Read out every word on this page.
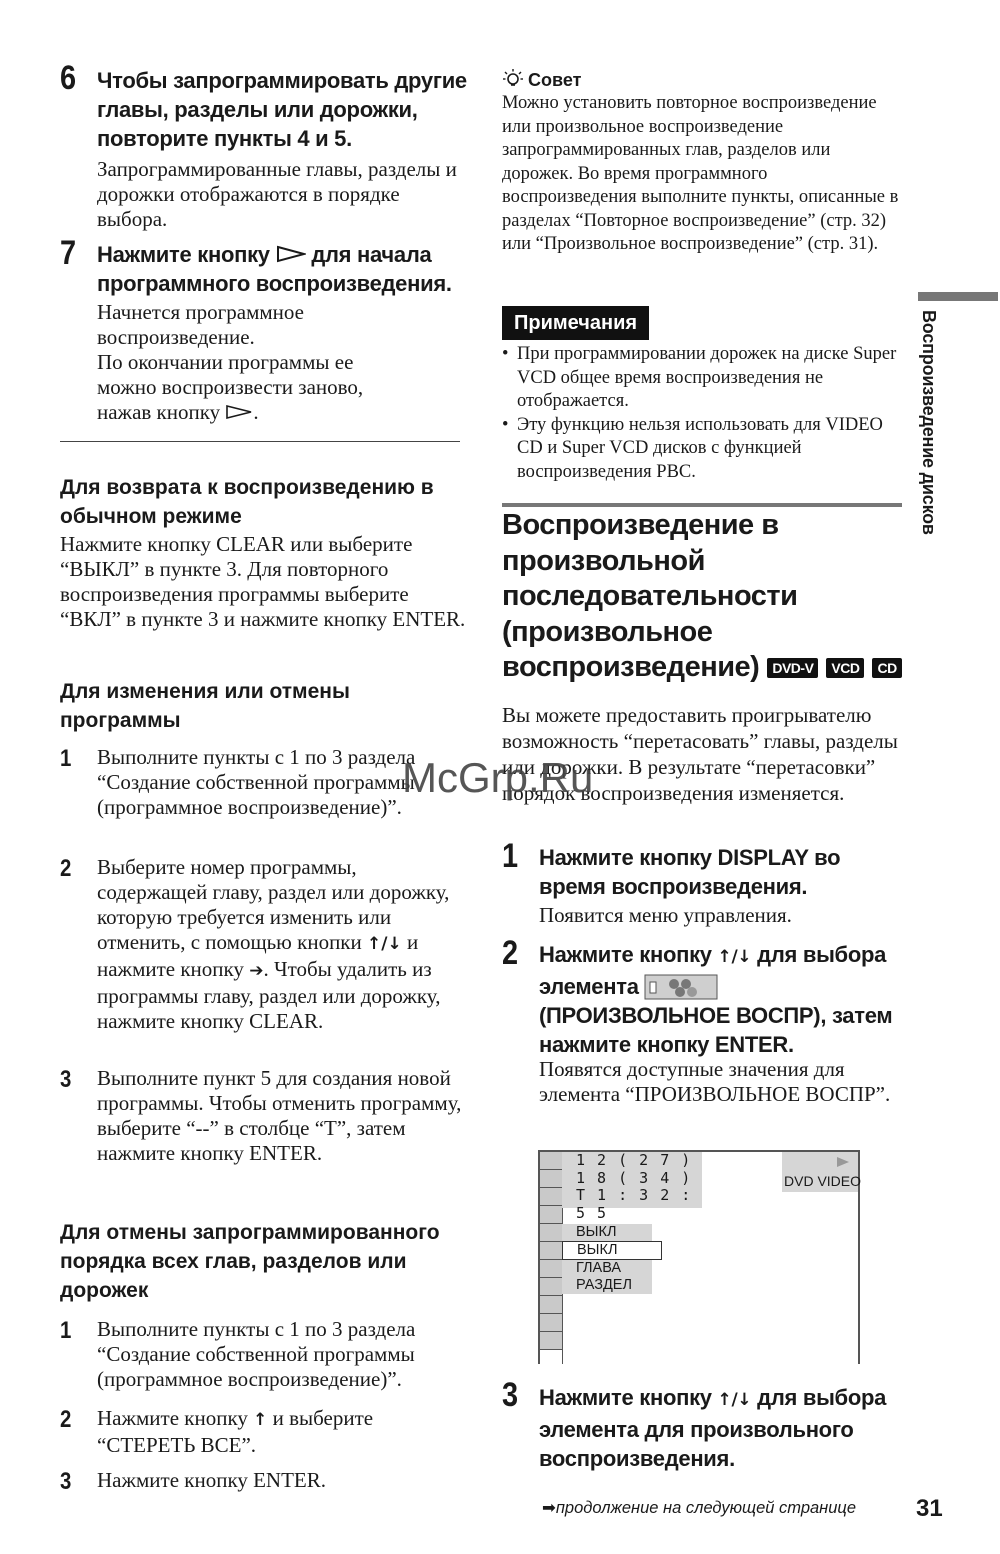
6 Чтобы запрограммировать другие главы, разделы или дорожки, повторите пункты 4 и 5.
Запрограммированные главы, разделы и дорожки отображаются в порядке выбора.
7 Нажмите кнопку для начала программного воспроизведения.
Начнется программное воспроизведение.
По окончании программы ее можно воспроизвести заново, нажав кнопку .
Для возврата к воспроизведению в обычном режиме
Нажмите кнопку CLEAR или выберите “ВЫКЛ” в пункте 3. Для повторного воспроизведения программы выберите “ВКЛ” в пункте 3 и нажмите кнопку ENTER.
Для изменения или отмены программы
1 Выполните пункты с 1 по 3 раздела “Создание собственной программы (программное воспроизведение)”.
2 Выберите номер программы, содержащей главу, раздел или дорожку, которую требуется изменить или отменить, с помощью кнопки ↑/↓ и нажмите кнопку ➔. Чтобы удалить из программы главу, раздел или дорожку, нажмите кнопку CLEAR.
3 Выполните пункт 5 для создания новой программы. Чтобы отменить программу, выберите “--” в столбце “T”, затем нажмите кнопку ENTER.
Для отмены запрограммированного порядка всех глав, разделов или дорожек
1 Выполните пункты с 1 по 3 раздела “Создание собственной программы (программное воспроизведение)”.
2 Нажмите кнопку ↑ и выберите “СТЕРЕТЬ ВСЕ”.
3 Нажмите кнопку ENTER.
Совет
Можно установить повторное воспроизведение или произвольное воспроизведение запрограммированных глав, разделов или дорожек. Во время программного воспроизведения выполните пункты, описанные в разделах “Повторное воспроизведение” (стр. 32) или “Произвольное воспроизведение” (стр. 31).
Примечания
• При программировании дорожек на диске Super VCD общее время воспроизведения не отображается.
• Эту функцию нельзя использовать для VIDEO CD и Super VCD дисков с функцией воспроизведения PBC.
Воспроизведение в произвольной последовательности (произвольное воспроизведение) DVD-V VCD CD
Вы можете предоставить проигрывателю возможность “перетасовать” главы, разделы или дорожки. В результате “перетасовки” порядок воспроизведения изменяется.
McGrp.Ru
1 Нажмите кнопку DISPLAY во время воспроизведения.
Появится меню управления.
2 Нажмите кнопку ↑/↓ для выбора элемента  (ПРОИЗВОЛЬНОЕ ВОСПР), затем нажмите кнопку ENTER.
Появятся доступные значения для элемента “ПРОИЗВОЛЬНОЕ ВОСПР”.
1 2 ( 2 7 )
1 8 ( 3 4 )
T 1 : 3 2 : 5 5
DVD VIDEO
ВЫКЛ
ВЫКЛ
ГЛАВА
РАЗДЕЛ
3 Нажмите кнопку ↑/↓ для выбора элемента для произвольного воспроизведения.
Воспроизведение дисков
➡продолжение на следующей странице 31
